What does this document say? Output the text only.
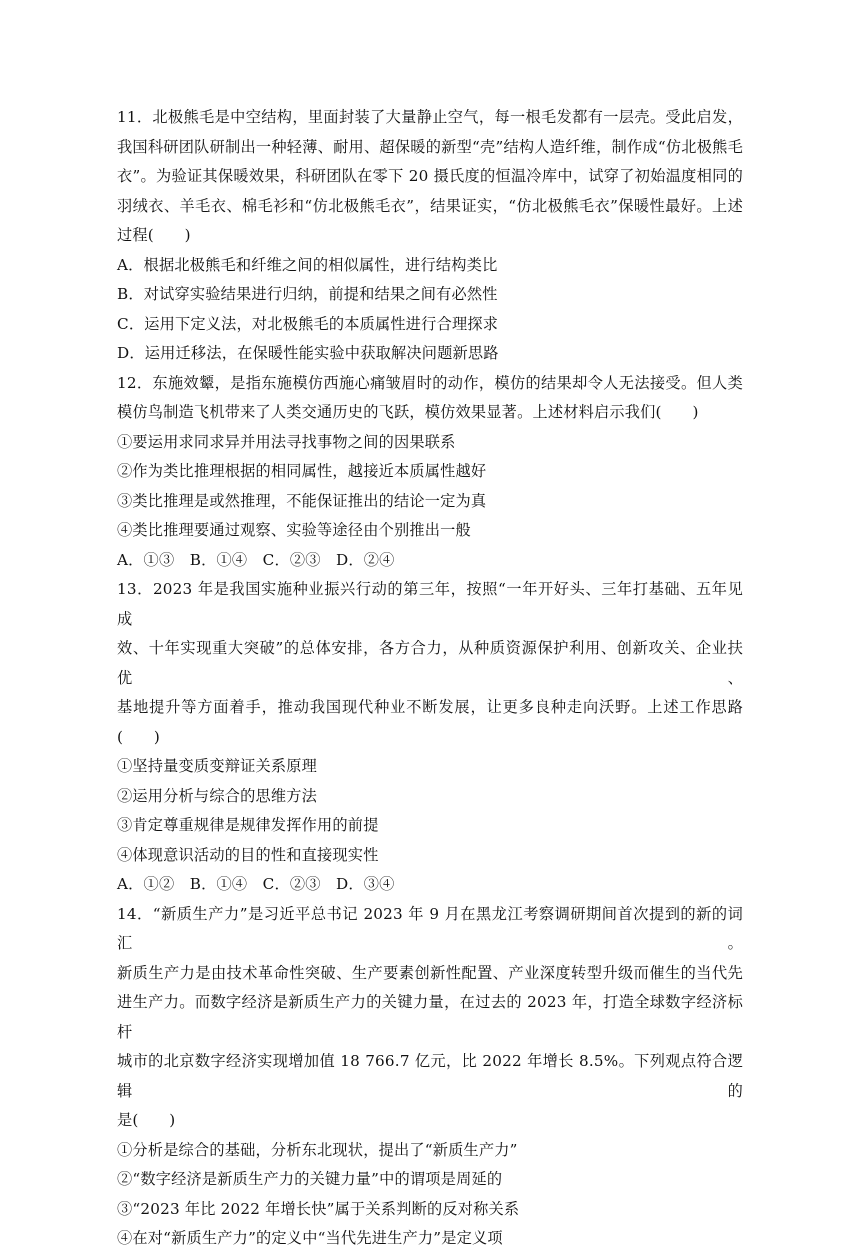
11．北极熊毛是中空结构，里面封装了大量静止空气，每一根毛发都有一层壳。受此启发，
我国科研团队研制出一种轻薄、耐用、超保暖的新型“壳”结构人造纤维，制作成“仿北极熊毛
衣”。为验证其保暖效果，科研团队在零下 20 摄氏度的恒温冷库中，试穿了初始温度相同的
羽绒衣、羊毛衣、棉毛衫和“仿北极熊毛衣”，结果证实，“仿北极熊毛衣”保暖性最好。上述
过程(　　)
A．根据北极熊毛和纤维之间的相似属性，进行结构类比
B．对试穿实验结果进行归纳，前提和结果之间有必然性
C．运用下定义法，对北极熊毛的本质属性进行合理探求
D．运用迁移法，在保暖性能实验中获取解决问题新思路
12．东施效颦，是指东施模仿西施心痛皱眉时的动作，模仿的结果却令人无法接受。但人类
模仿鸟制造飞机带来了人类交通历史的飞跃，模仿效果显著。上述材料启示我们(　　)
①要运用求同求异并用法寻找事物之间的因果联系
②作为类比推理根据的相同属性，越接近本质属性越好
③类比推理是或然推理，不能保证推出的结论一定为真
④类比推理要通过观察、实验等途径由个别推出一般
A．①③　B．①④　C．②③　D．②④
13．2023 年是我国实施种业振兴行动的第三年，按照“一年开好头、三年打基础、五年见成
效、十年实现重大突破”的总体安排，各方合力，从种质资源保护利用、创新攻关、企业扶优、
基地提升等方面着手，推动我国现代种业不断发展，让更多良种走向沃野。上述工作思路
(　　)
①坚持量变质变辩证关系原理
②运用分析与综合的思维方法
③肯定尊重规律是规律发挥作用的前提
④体现意识活动的目的性和直接现实性
A．①②　B．①④　C．②③　D．③④
14．“新质生产力”是习近平总书记 2023 年 9 月在黑龙江考察调研期间首次提到的新的词汇。
新质生产力是由技术革命性突破、生产要素创新性配置、产业深度转型升级而催生的当代先
进生产力。而数字经济是新质生产力的关键力量，在过去的 2023 年，打造全球数字经济标杆
城市的北京数字经济实现增加值 18 766.7 亿元，比 2022 年增长 8.5%。下列观点符合逻辑的
是(　　)
①分析是综合的基础，分析东北现状，提出了“新质生产力”
②“数字经济是新质生产力的关键力量”中的谓项是周延的
③“2023 年比 2022 年增长快”属于关系判断的反对称关系
④在对“新质生产力”的定义中“当代先进生产力”是定义项
